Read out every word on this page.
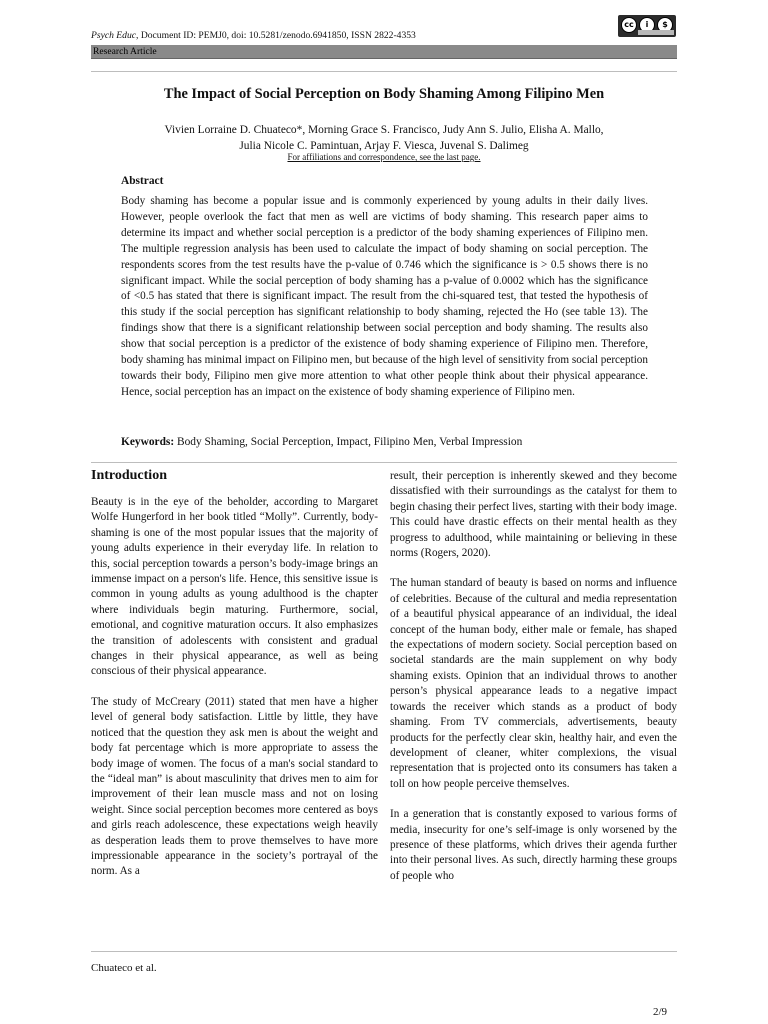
Psych Educ, Document ID: PEMJ0, doi: 10.5281/zenodo.6941850, ISSN 2822-4353
cc	i	$
Research Article
The Impact of Social Perception on Body Shaming Among Filipino Men
Vivien Lorraine D. Chuateco*, Morning Grace S. Francisco, Judy Ann S. Julio, Elisha A. Mallo,
Julia Nicole C. Pamintuan, Arjay F. Viesca, Juvenal S. Dalimeg
For affiliations and correspondence, see the last page.
Abstract

Body shaming has become a popular issue and is commonly experienced by young adults in their daily lives. However, people overlook the fact that men as well are victims of body shaming. This research paper aims to determine its impact and whether social perception is a predictor of the body shaming experiences of Filipino men. The multiple regression analysis has been used to calculate the impact of body shaming on social perception. The respondents scores from the test results have the p-value of 0.746 which the significance is > 0.5 shows there is no significant impact. While the social perception of body shaming has a p-value of 0.0002 which has the significance of <0.5 has stated that there is significant impact. The result from the chi-squared test, that tested the hypothesis of this study if the social perception has significant relationship to body shaming, rejected the Ho (see table 13). The findings show that there is a significant relationship between social perception and body shaming. The results also show that social perception is a predictor of the existence of body shaming experience of Filipino men. Therefore, body shaming has minimal impact on Filipino men, but because of the high level of sensitivity from social perception towards their body, Filipino men give more attention to what other people think about their physical appearance. Hence, social perception has an impact on the existence of body shaming experience of Filipino men.

Keywords: Body Shaming, Social Perception, Impact, Filipino Men, Verbal Impression
Introduction

Beauty is in the eye of the beholder, according to Margaret Wolfe Hungerford in her book titled “Molly”. Currently, body-shaming is one of the most popular issues that the majority of young adults experience in their everyday life. In relation to this, social perception towards a person’s body-image brings an immense impact on a person's life. Hence, this sensitive issue is common in young adults as young adulthood is the chapter where individuals begin maturing. Furthermore, social, emotional, and cognitive maturation occurs. It also emphasizes the transition of adolescents with consistent and gradual changes in their physical appearance, as well as being conscious of their physical appearance.

The study of McCreary (2011) stated that men have a higher level of general body satisfaction. Little by little, they have noticed that the question they ask men is about the weight and body fat percentage which is more appropriate to assess the body image of women. The focus of a man's social standard to the “ideal man” is about masculinity that drives men to aim for improvement of their lean muscle mass and not on losing weight. Since social perception becomes more centered as boys and girls reach adolescence, these expectations weigh heavily as desperation leads them to prove themselves to have more impressionable appearance in the society’s portrayal of the norm. As a

result, their perception is inherently skewed and they become dissatisfied with their surroundings as the catalyst for them to begin chasing their perfect lives, starting with their body image. This could have drastic effects on their mental health as they progress to adulthood, while maintaining or believing in these norms (Rogers, 2020).

The human standard of beauty is based on norms and influence of celebrities. Because of the cultural and media representation of a beautiful physical appearance of an individual, the ideal concept of the human body, either male or female, has shaped the expectations of modern society. Social perception based on societal standards are the main supplement on why body shaming exists. Opinion that an individual throws to another person’s physical appearance leads to a negative impact towards the receiver which stands as a product of body shaming. From TV commercials, advertisements, beauty products for the perfectly clear skin, healthy hair, and even the development of cleaner, whiter complexions, the visual representation that is projected onto its consumers has taken a toll on how people perceive themselves.

In a generation that is constantly exposed to various forms of media, insecurity for one’s self-image is only worsened by the presence of these platforms, which drives their agenda further into their personal lives. As such, directly harming these groups of people who

Chuateco et al.
2/9
